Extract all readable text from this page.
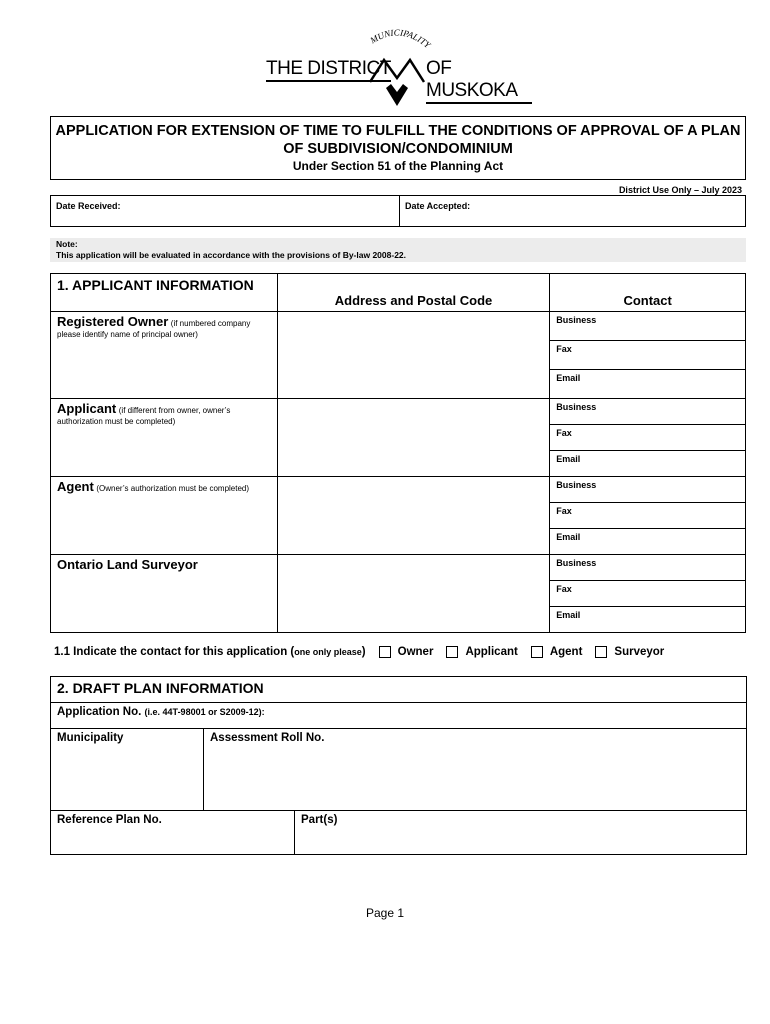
MUNICIPALITY
THE DISTRICT OF MUSKOKA
APPLICATION FOR EXTENSION OF TIME TO FULFILL THE CONDITIONS OF APPROVAL OF A PLAN OF SUBDIVISION/CONDOMINIUM
Under Section 51 of the Planning Act
District Use Only – July 2023
Date Received:	Date Accepted:
Note:
This application will be evaluated in accordance with the provisions of By-law 2008-22.
1. APPLICANT INFORMATION	Address and Postal Code	Contact
Registered Owner (if numbered company please identify name of principal owner)		Business
		Fax
		Email
Applicant (if different from owner, owner’s authorization must be completed)		Business
		Fax
		Email
Agent (Owner’s authorization must be completed)		Business
		Fax
		Email
Ontario Land Surveyor		Business
		Fax
		Email
1.1 Indicate the contact for this application ( one only please )	Owner	Applicant	Agent	Surveyor
2. DRAFT PLAN INFORMATION
Application No. (i.e. 44T-98001 or S2009-12):
Municipality	Assessment Roll No.
Reference Plan No.	Part(s)
Page 1
